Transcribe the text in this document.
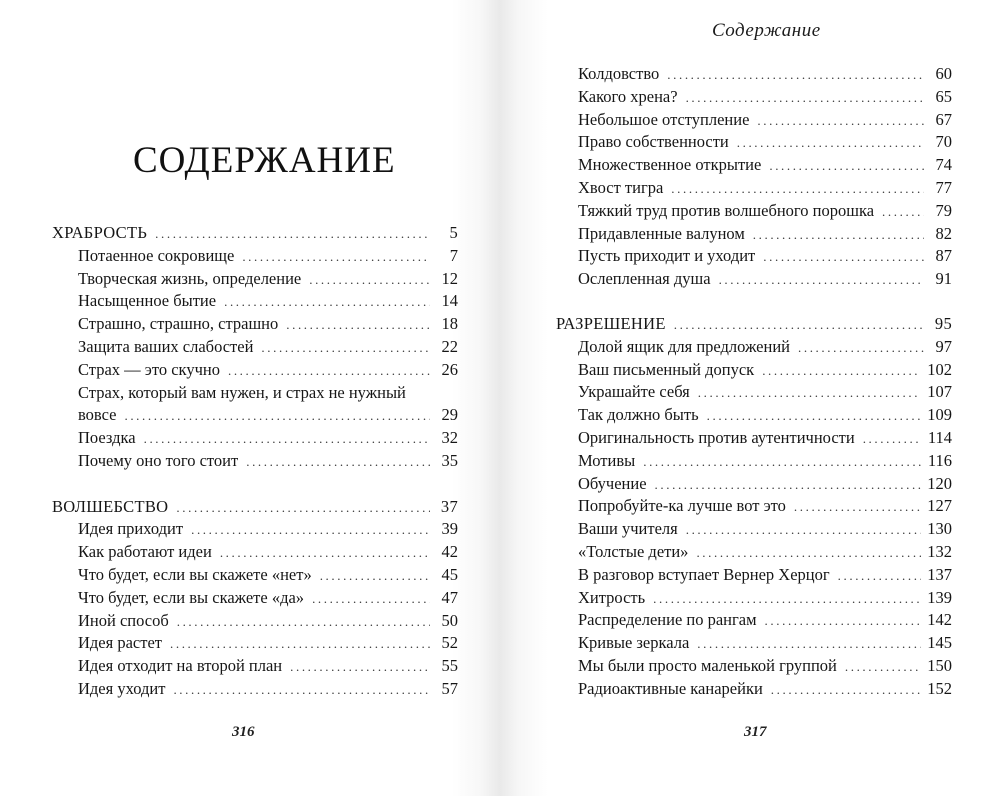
Содержание
СОДЕРЖАНИЕ
ХРАБРОСТЬ .....	5
Потаенное сокровище .....	7
Творческая жизнь, определение .....	12
Насыщенное бытие .....	14
Страшно, страшно, страшно .....	18
Защита ваших слабостей .....	22
Страх — это скучно .....	26
Страх, который вам нужен, и страх не нужный
вовсе .....	29
Поездка .....	32
Почему оно того стоит .....	35
ВОЛШЕБСТВО .....	37
Идея приходит .....	39
Как работают идеи .....	42
Что будет, если вы скажете «нет» .....	45
Что будет, если вы скажете «да» .....	47
Иной способ .....	50
Идея растет .....	52
Идея отходит на второй план .....	55
Идея уходит .....	57
Колдовство .....	60
Какого хрена? .....	65
Небольшое отступление .....	67
Право собственности .....	70
Множественное открытие .....	74
Хвост тигра .....	77
Тяжкий труд против волшебного порошка .....	79
Придавленные валуном .....	82
Пусть приходит и уходит .....	87
Ослепленная душа .....	91
РАЗРЕШЕНИЕ .....	95
Долой ящик для предложений .....	97
Ваш письменный допуск .....	102
Украшайте себя .....	107
Так должно быть .....	109
Оригинальность против аутентичности .....	114
Мотивы .....	116
Обучение .....	120
Попробуйте-ка лучше вот это .....	127
Ваши учителя .....	130
«Толстые дети» .....	132
В разговор вступает Вернер Херцог .....	137
Хитрость .....	139
Распределение по рангам .....	142
Кривые зеркала .....	145
Мы были просто маленькой группой .....	150
Радиоактивные канарейки .....	152
316	317
